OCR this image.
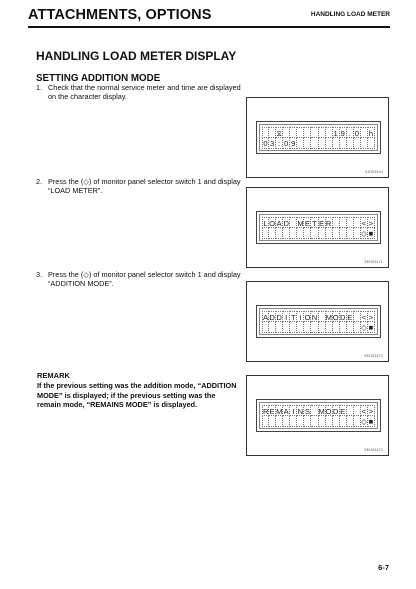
ATTACHMENTS, OPTIONS	HANDLING LOAD METER
HANDLING LOAD METER DISPLAY
SETTING ADDITION MODE
1. Check that the normal service meter and time are displayed on the character display.
2. Press the (◇) of monitor panel selector switch 1 and display “LOAD METER”.
3. Press the (◇) of monitor panel selector switch 1 and display “ADDITION MODE”.
REMARK
If the previous setting was the addition mode, “ADDITION MODE” is displayed; if the previous setting was the remain mode, “REMAINS MODE” is displayed.
⧖	1 9 . 0 h
0 3 : 0 9
9JH03944
L O A D M E T E R	< >
◇ ■
9EH03471
A D D I T I O N M O D E < >
◇ ■
9EH03472
R E M A I N S M O D E < >
◇ ■
9EH03473
6-7
